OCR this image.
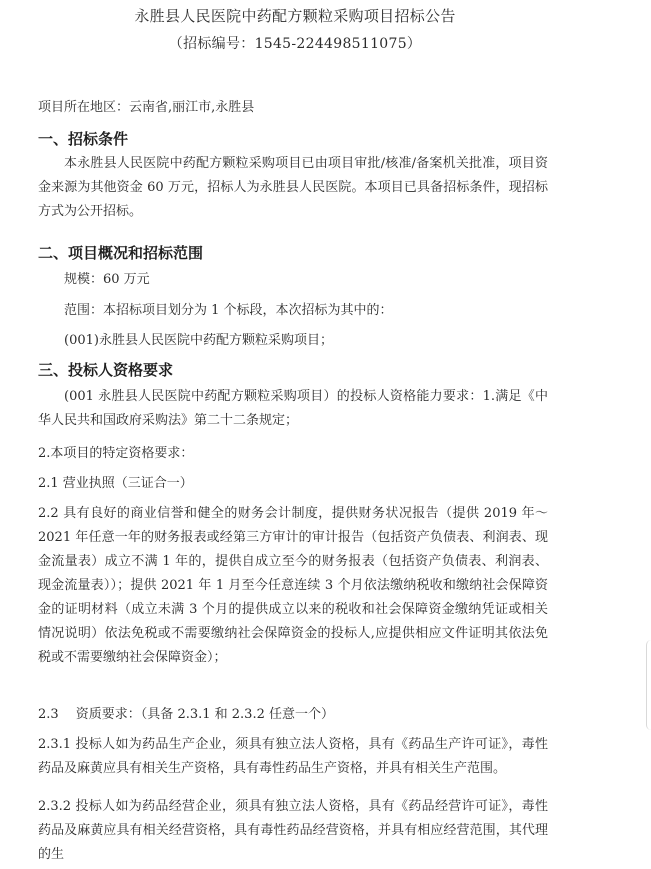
永胜县人民医院中药配方颗粒采购项目招标公告
（招标编号：1545-224498511075）
项目所在地区：云南省,丽江市,永胜县
一、招标条件
本永胜县人民医院中药配方颗粒采购项目已由项目审批/核准/备案机关批准，项目资金来源为其他资金 60 万元，招标人为永胜县人民医院。本项目已具备招标条件，现招标方式为公开招标。
二、项目概况和招标范围
规模：60 万元
范围：本招标项目划分为 1 个标段，本次招标为其中的：
(001)永胜县人民医院中药配方颗粒采购项目；
三、投标人资格要求
(001 永胜县人民医院中药配方颗粒采购项目）的投标人资格能力要求：1.满足《中华人民共和国政府采购法》第二十二条规定；
2.本项目的特定资格要求：
2.1 营业执照（三证合一）
2.2 具有良好的商业信誉和健全的财务会计制度，提供财务状况报告（提供 2019 年～2021 年任意一年的财务报表或经第三方审计的审计报告（包括资产负债表、利润表、现金流量表）成立不满 1 年的，提供自成立至今的财务报表（包括资产负债表、利润表、现金流量表））；提供 2021 年 1 月至今任意连续 3 个月依法缴纳税收和缴纳社会保障资金的证明材料（成立未满 3 个月的提供成立以来的税收和社会保障资金缴纳凭证或相关情况说明）依法免税或不需要缴纳社会保障资金的投标人,应提供相应文件证明其依法免税或不需要缴纳社会保障资金）；
2.3　 资质要求：（具备 2.3.1 和 2.3.2 任意一个）
2.3.1 投标人如为药品生产企业，须具有独立法人资格，具有《药品生产许可证》，毒性药品及麻黄应具有相关生产资格，具有毒性药品生产资格，并具有相关生产范围。
2.3.2 投标人如为药品经营企业，须具有独立法人资格，具有《药品经营许可证》，毒性药品及麻黄应具有相关经营资格，具有毒性药品经营资格，并具有相应经营范围，其代理的生
